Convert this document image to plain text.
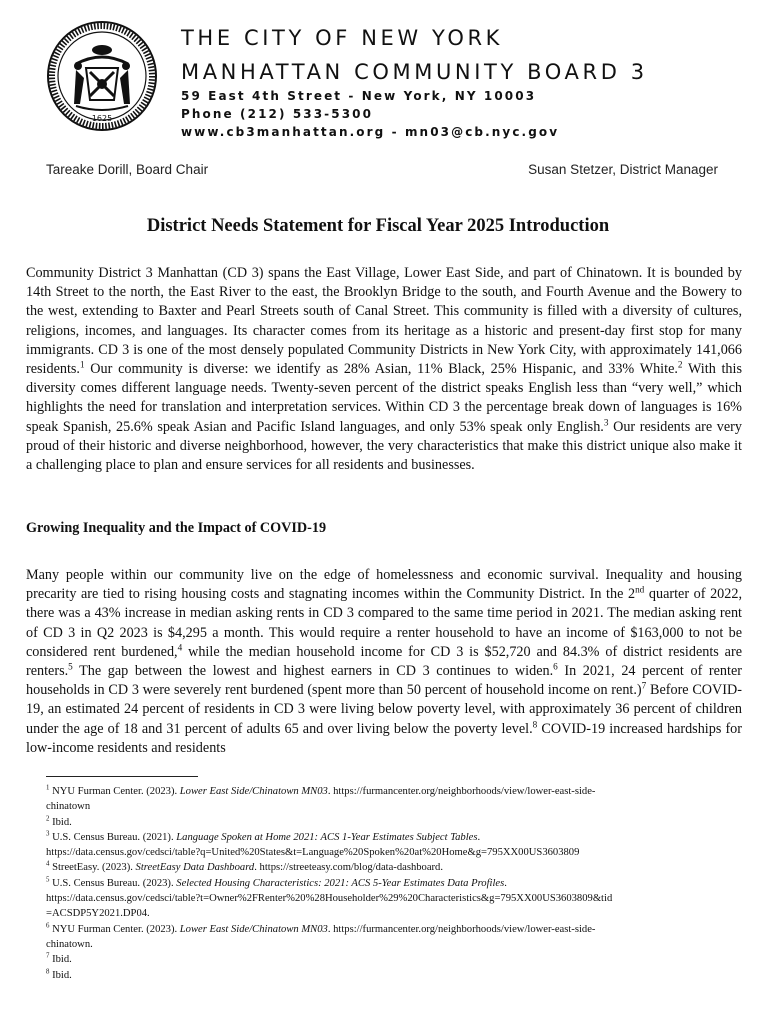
1625
THE CITY OF NEW YORK
MANHATTAN COMMUNITY BOARD 3
59 East 4th Street - New York, NY 10003
Phone (212) 533-5300
www.cb3manhattan.org - mn03@cb.nyc.gov
Tareake Dorill, Board Chair	Susan Stetzer, District Manager
District Needs Statement for Fiscal Year 2025 Introduction
Community District 3 Manhattan (CD 3) spans the East Village, Lower East Side, and part of Chinatown. It is bounded by 14th Street to the north, the East River to the east, the Brooklyn Bridge to the south, and Fourth Avenue and the Bowery to the west, extending to Baxter and Pearl Streets south of Canal Street. This community is filled with a diversity of cultures, religions, incomes, and languages. Its character comes from its heritage as a historic and present-day first stop for many immigrants. CD 3 is one of the most densely populated Community Districts in New York City, with approximately 141,066 residents.$^1$ Our community is diverse: we identify as 28% Asian, 11% Black, 25% Hispanic, and 33% White.$^2$ With this diversity comes different language needs. Twenty-seven percent of the district speaks English less than “very well,” which highlights the need for translation and interpretation services. Within CD 3 the percentage break down of languages is 16% speak Spanish, 25.6% speak Asian and Pacific Island languages, and only 53% speak only English.$^3$ Our residents are very proud of their historic and diverse neighborhood, however, the very characteristics that make this district unique also make it a challenging place to plan and ensure services for all residents and businesses.
Growing Inequality and the Impact of COVID-19
Many people within our community live on the edge of homelessness and economic survival. Inequality and housing precarity are tied to rising housing costs and stagnating incomes within the Community District. In the 2nd quarter of 2022, there was a 43% increase in median asking rents in CD 3 compared to the same time period in 2021. The median asking rent of CD 3 in Q2 2023 is $4,295 a month. This would require a renter household to have an income of $163,000 to not be considered rent burdened,$^4$ while the median household income for CD 3 is $52,720 and 84.3% of district residents are renters.$^5$ The gap between the lowest and highest earners in CD 3 continues to widen.$^6$ In 2021, 24 percent of renter households in CD 3 were severely rent burdened (spent more than 50 percent of household income on rent.)$^7$ Before COVID-19, an estimated 24 percent of residents in CD 3 were living below poverty level, with approximately 36 percent of children under the age of 18 and 31 percent of adults 65 and over living below the poverty level.$^8$ COVID-19 increased hardships for low-income residents and residents
$^1$ NYU Furman Center. (2023). Lower East Side/Chinatown MN03. https://furmancenter.org/neighborhoods/view/lower-east-side-
chinatown
$^2$ Ibid.
$^3$ U.S. Census Bureau. (2021). Language Spoken at Home 2021: ACS 1-Year Estimates Subject Tables.
https://data.census.gov/cedsci/table?q=United%20States&t=Language%20Spoken%20at%20Home&g=795XX00US3603809
$^4$ StreetEasy. (2023). StreetEasy Data Dashboard. https://streeteasy.com/blog/data-dashboard.
$^5$ U.S. Census Bureau. (2023). Selected Housing Characteristics: 2021: ACS 5-Year Estimates Data Profiles.
https://data.census.gov/cedsci/table?t=Owner%2FRenter%20%28Householder%29%20Characteristics&g=795XX00US3603809&tid
=ACSDP5Y2021.DP04.
$^6$ NYU Furman Center. (2023). Lower East Side/Chinatown MN03. https://furmancenter.org/neighborhoods/view/lower-east-side-
chinatown.
$^7$ Ibid.
$^8$ Ibid.
